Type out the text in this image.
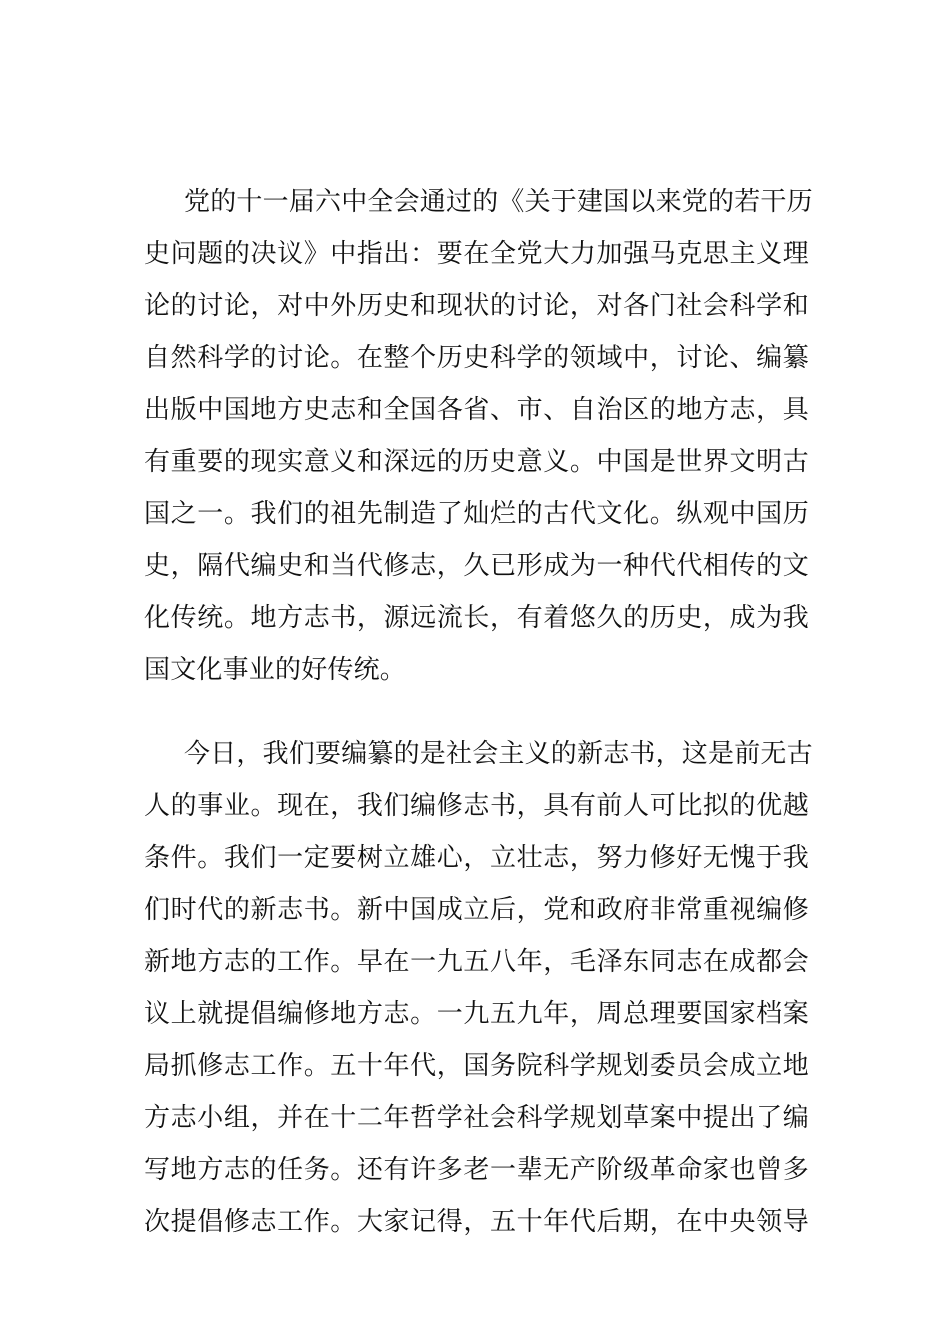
党的十一届六中全会通过的《关于建国以来党的若干历
史问题的决议》中指出：要在全党大力加强马克思主义理
论的讨论，对中外历史和现状的讨论，对各门社会科学和
自然科学的讨论。在整个历史科学的领域中，讨论、编纂
出版中国地方史志和全国各省、市、自治区的地方志，具
有重要的现实意义和深远的历史意义。中国是世界文明古
国之一。我们的祖先制造了灿烂的古代文化。纵观中国历
史，隔代编史和当代修志，久已形成为一种代代相传的文
化传统。地方志书，源远流长，有着悠久的历史，成为我
国文化事业的好传统。
今日，我们要编纂的是社会主义的新志书，这是前无古
人的事业。现在，我们编修志书，具有前人可比拟的优越
条件。我们一定要树立雄心，立壮志，努力修好无愧于我
们时代的新志书。新中国成立后，党和政府非常重视编修
新地方志的工作。早在一九五八年，毛泽东同志在成都会
议上就提倡编修地方志。一九五九年，周总理要国家档案
局抓修志工作。五十年代，国务院科学规划委员会成立地
方志小组，并在十二年哲学社会科学规划草案中提出了编
写地方志的任务。还有许多老一辈无产阶级革命家也曾多
次提倡修志工作。大家记得，五十年代后期，在中央领导
